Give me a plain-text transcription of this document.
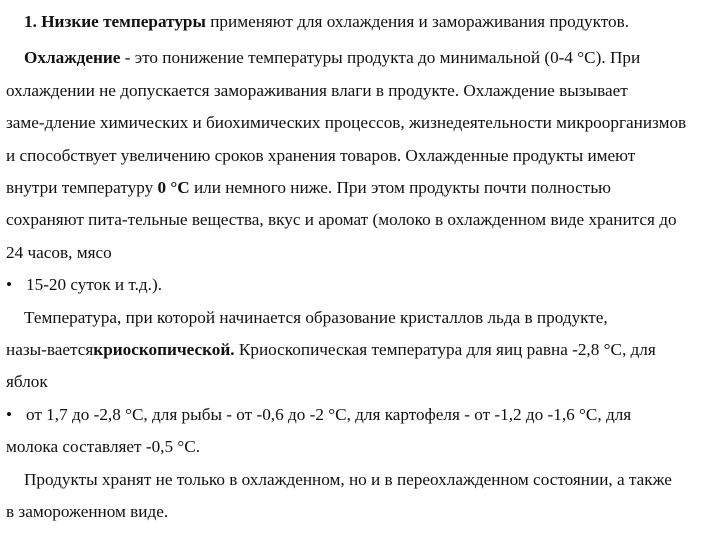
1. Низкие температуры применяют для охлаждения и замораживания продуктов.
Охлаждение - это понижение температуры продукта до минимальной (0-4 °С). При
охлаждении не допускается замораживания влаги в продукте. Охлаждение вызывает
заме-дление химических и биохимических процессов, жизнедеятельности микроорганизмов
и способствует увеличению сроков хранения товаров. Охлажденные продукты имеют
внутри температуру 0 °С или немного ниже. При этом продукты почти полностью
сохраняют пита-тельные вещества, вкус и аромат (молоко в охлажденном виде хранится до
24 часов, мясо
• 15-20 суток и т.д.).
Температура, при которой начинается образование кристаллов льда в продукте,
назы-ваетсякриоскопической. Криоскопическая температура для яиц равна -2,8 °С, для
яблок
• от 1,7 до -2,8 °С, для рыбы - от -0,6 до -2 °С, для картофеля - от -1,2 до -1,6 °С, для
молока составляет -0,5 °С.
Продукты хранят не только в охлажденном, но и в переохлажденном состоянии, а также
в замороженном виде.
